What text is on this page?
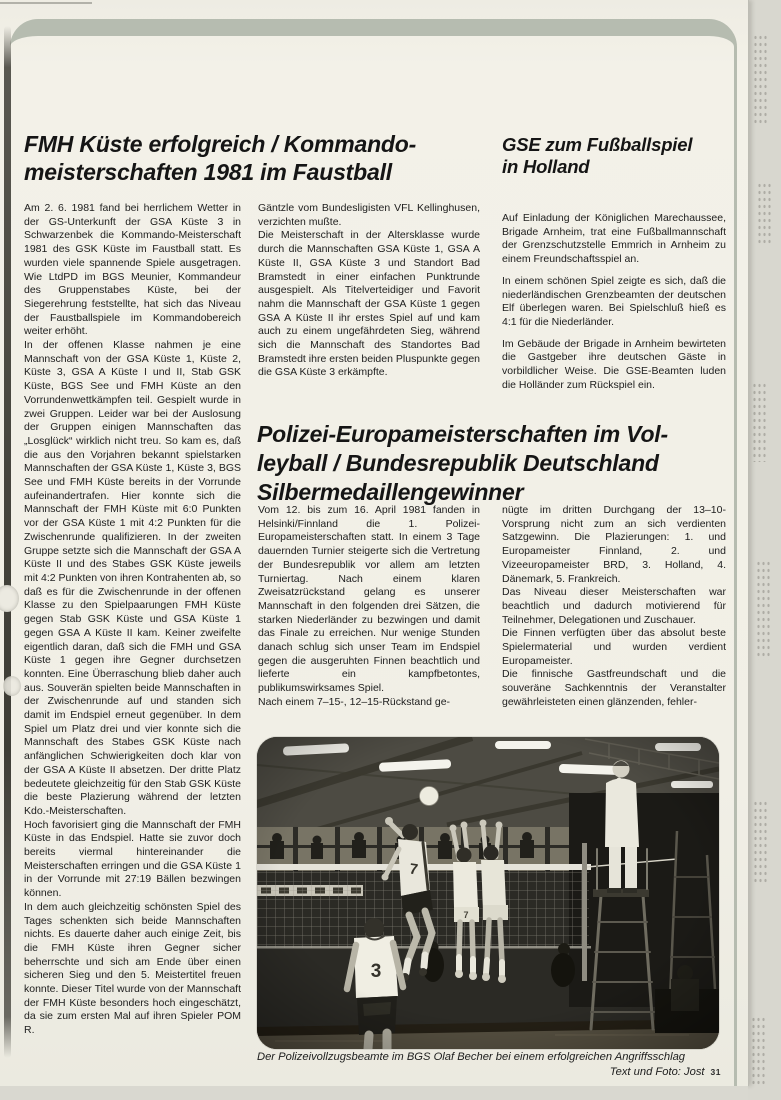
FMH Küste erfolgreich / Kommando-
meisterschaften 1981 im Faustball
GSE zum Fußballspiel
in Holland

Am 2. 6. 1981 fand bei herrlichem Wetter in der GS-Unterkunft der GSA Küste 3 in Schwarzenbek die Kommando-Meisterschaft 1981 des GSK Küste im Faustball statt. Es wurden viele spannende Spiele ausgetragen. Wie LtdPD im BGS Meunier, Kommandeur des Gruppenstabes Küste, bei der Siegerehrung feststellte, hat sich das Niveau der Faustballspiele im Kommandobereich weiter erhöht.

In der offenen Klasse nahmen je eine Mannschaft von der GSA Küste 1, Küste 2, Küste 3, GSA A Küste I und II, Stab GSK Küste, BGS See und FMH Küste an den Vorrundenwettkämpfen teil. Gespielt wurde in zwei Gruppen. Leider war bei der Auslosung der Gruppen einigen Mannschaften das „Losglück“ wirklich nicht treu. So kam es, daß die aus den Vorjahren bekannt spielstarken Mannschaften der GSA Küste 1, Küste 3, BGS See und FMH Küste bereits in der Vorrunde aufeinandertrafen. Hier konnte sich die Mannschaft der FMH Küste mit 6:0 Punkten vor der GSA Küste 1 mit 4:2 Punkten für die Zwischenrunde qualifizieren. In der zweiten Gruppe setzte sich die Mannschaft der GSA A Küste II und des Stabes GSK Küste jeweils mit 4:2 Punkten von ihren Kontrahenten ab, so daß es für die Zwischenrunde in der offenen Klasse zu den Spielpaarungen FMH Küste gegen Stab GSK Küste und GSA Küste 1 gegen GSA A Küste II kam. Keiner zweifelte eigentlich daran, daß sich die FMH und GSA Küste 1 gegen ihre Gegner durchsetzen konnten. Eine Überraschung blieb daher auch aus. Souverän spielten beide Mannschaften in der Zwischenrunde auf und standen sich damit im Endspiel erneut gegenüber. In dem Spiel um Platz drei und vier konnte sich die Mannschaft des Stabes GSK Küste nach anfänglichen Schwierigkeiten doch klar von der GSA A Küste II absetzen. Der dritte Platz bedeutete gleichzeitig für den Stab GSK Küste die beste Plazierung während der letzten Kdo.-Meisterschaften.

Hoch favorisiert ging die Mannschaft der FMH Küste in das Endspiel. Hatte sie zuvor doch bereits viermal hintereinander die Meisterschaften erringen und die GSA Küste 1 in der Vorrunde mit 27:19 Bällen bezwingen können.

In dem auch gleichzeitig schönsten Spiel des Tages schenkten sich beide Mannschaften nichts. Es dauerte daher auch einige Zeit, bis die FMH Küste ihren Gegner sicher beherrschte und sich am Ende über einen sicheren Sieg und den 5. Meistertitel freuen konnte. Dieser Titel wurde von der Mannschaft der FMH Küste besonders hoch eingeschätzt, da sie zum ersten Mal auf ihren Spieler POM R.

Gäntzle vom Bundesligisten VFL Kellinghusen, verzichten mußte.

Die Meisterschaft in der Altersklasse wurde durch die Mannschaften GSA Küste 1, GSA A Küste II, GSA Küste 3 und Standort Bad Bramstedt in einer einfachen Punktrunde ausgespielt. Als Titelverteidiger und Favorit nahm die Mannschaft der GSA Küste 1 gegen GSA A Küste II ihr erstes Spiel auf und kam auch zu einem ungefährdeten Sieg, während sich die Mannschaft des Standortes Bad Bramstedt ihre ersten beiden Pluspunkte gegen die GSA Küste 3 erkämpfte.

Auf Einladung der Königlichen Marechaussee, Brigade Arnheim, trat eine Fußballmannschaft der Grenzschutzstelle Emmrich in Arnheim zu einem Freundschaftsspiel an.

In einem schönen Spiel zeigte es sich, daß die niederländischen Grenzbeamten der deutschen Elf überlegen waren. Bei Spielschluß hieß es 4:1 für die Niederländer.

Im Gebäude der Brigade in Arnheim bewirteten die Gastgeber ihre deutschen Gäste in vorbildlicher Weise. Die GSE-Beamten luden die Holländer zum Rückspiel ein.

Polizei-Europameisterschaften im Vol-
leyball / Bundesrepublik Deutschland
Silbermedaillengewinner

Vom 12. bis zum 16. April 1981 fanden in Helsinki/Finnland die 1. Polizei-Europameisterschaften statt. In einem 3 Tage dauernden Turnier steigerte sich die Vertretung der Bundesrepublik vor allem am letzten Turniertag. Nach einem klaren Zweisatzrückstand gelang es unserer Mannschaft in den folgenden drei Sätzen, die starken Niederländer zu bezwingen und damit das Finale zu erreichen. Nur wenige Stunden danach schlug sich unser Team im Endspiel gegen die ausgeruhten Finnen beachtlich und lieferte ein kampfbetontes, publikumswirksames Spiel.

Nach einem 7–15-, 12–15-Rückstand ge-

nügte im dritten Durchgang der 13–10-Vorsprung nicht zum an sich verdienten Satzgewinn. Die Plazierungen: 1. und Europameister Finnland, 2. und Vizeeuropameister BRD, 3. Holland, 4. Dänemark, 5. Frankreich.

Das Niveau dieser Meisterschaften war beachtlich und dadurch motivierend für Teilnehmer, Delegationen und Zuschauer.

Die Finnen verfügten über das absolut beste Spielermaterial und wurden verdient Europameister.

Die finnische Gastfreundschaft und die souveräne Sachkenntnis der Veranstalter gewährleisteten einen glänzenden, fehler-

Der Polizeivollzugsbeamte im BGS Olaf Becher bei einem erfolgreichen Angriffsschlag
Text und Foto: Jost 31
